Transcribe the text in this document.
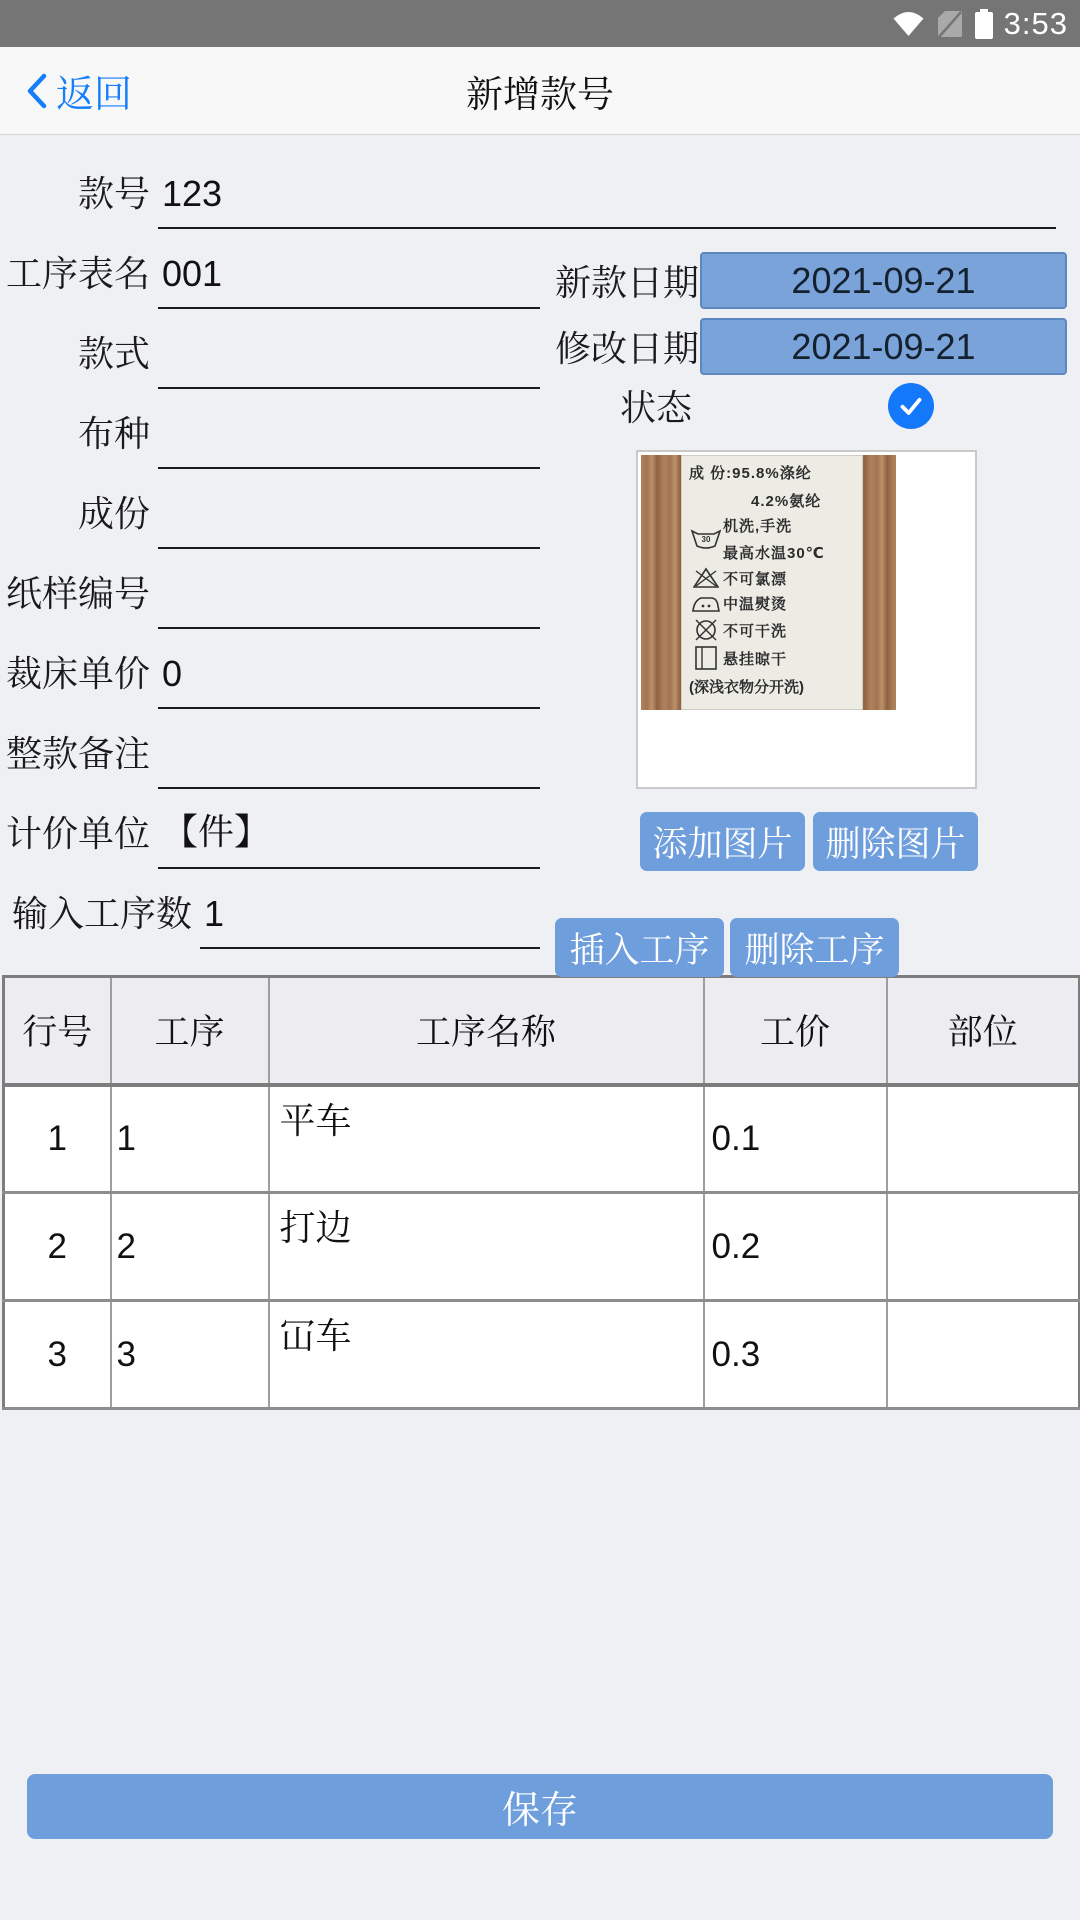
3:53
新增款号
返回
款号 123
工序表名 001
款式
布种
成份
纸样编号
裁床单价 0
整款备注
计价单位 【件】
输入工序数 1
新款日期	2021-09-21
修改日期	2021-09-21
状态
成 份:95.8%涤纶
4.2%氨纶
30
机洗,手洗
最高水温30℃
不可氯漂
中温熨烫
不可干洗
悬挂晾干
(深浅衣物分开洗)
添加图片 删除图片
插入工序 删除工序
行号	工序	工序名称	工价	部位
1	1	平车	0.1	
2	2	打边	0.2	
3	3	冚车	0.3	
保存
